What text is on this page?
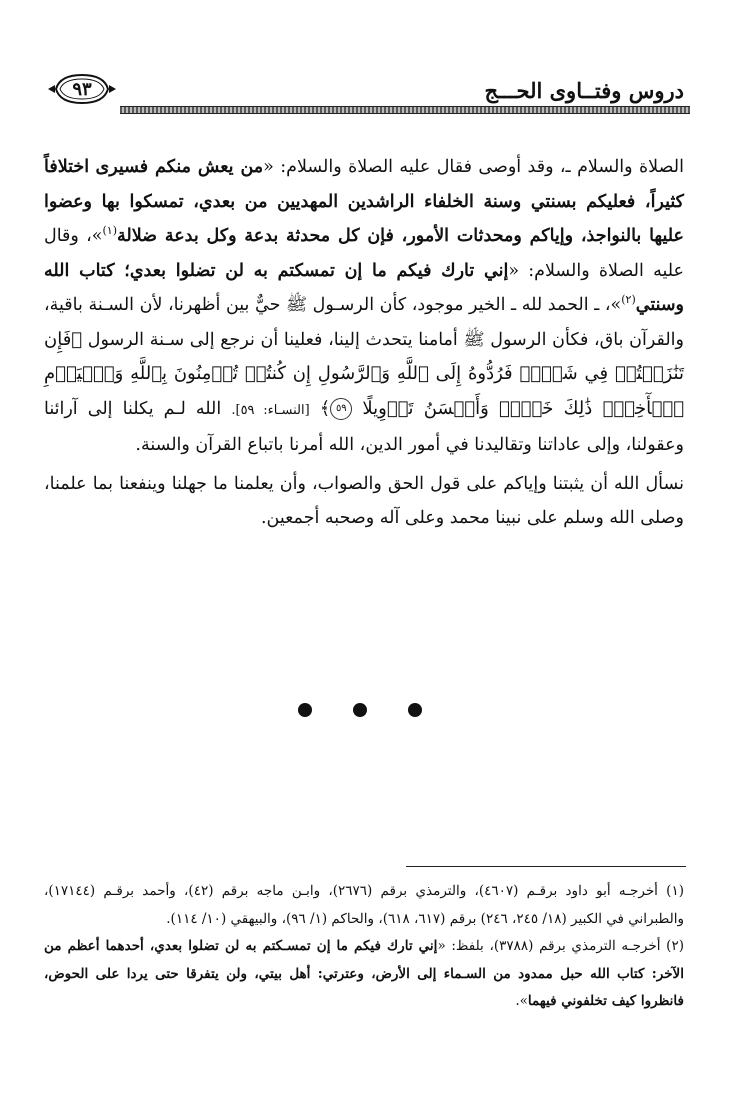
٩٣	دروس وفتــاوى الحـــج

الصلاة والسلام ـ، وقد أوصى فقال عليه الصلاة والسلام: «من يعش منكم فسيرى اختلافاً كثيراً، فعليكم بسنتي وسنة الخلفاء الراشدين المهديين من بعدي، تمسكوا بها وعضوا عليها بالنواجذ، وإياكم ومحدثات الأمور، فإن كل محدثة بدعة وكل بدعة ضلالة$^{(١)}$»، وقال عليه الصلاة والسلام: «إني تارك فيكم ما إن تمسكتم به لن تضلوا بعدي؛ كتاب الله وسنتي$^{(٢)}$»، ـ الحمد لله ـ الخير موجود، كأن الرسـول ﷺ حيٌّ بين أظهرنا، لأن السـنة باقية، والقرآن باق، فكأن الرسول ﷺ أمامنا يتحدث إلينا، فعلينا أن نرجع إلى سـنة الرسول ﴿فَإِن تَنَٰزَعۡتُمۡ فِي شَيۡءٖ فَرُدُّوهُ إِلَى ٱللَّهِ وَٱلرَّسُولِ إِن كُنتُمۡ تُؤۡمِنُونَ بِٱللَّهِ وَٱلۡيَوۡمِ ٱلۡأٓخِرِۚ ذَٰلِكَ خَيۡرٞ وَأَحۡسَنُ تَأۡوِيلًا ٥٩﴾ [النسـاء: ٥٩]. الله لـم يكلنا إلى آرائنا وعقولنا، وإلى عاداتنا وتقاليدنا في أمور الدين، الله أمرنا باتباع القرآن والسنة.

نسأل الله أن يثبتنا وإياكم على قول الحق والصواب، وأن يعلمنا ما جهلنا وينفعنا بما علمنا، وصلى الله وسلم على نبينا محمد وعلى آله وصحبه أجمعين.

(١) أخرجـه أبو داود برقـم (٤٦٠٧)، والترمذي برقم (٢٦٧٦)، وابـن ماجه برقم (٤٢)، وأحمد برقـم (١٧١٤٤)، والطبراني في الكبير (١٨/ ٢٤٥، ٢٤٦) برقم (٦١٧، ٦١٨)، والحاكم (١/ ٩٦)، والبيهقي (١٠/ ١١٤).

(٢) أخرجـه الترمذي برقم (٣٧٨٨)، بلفظ: «إني تارك فيكم ما إن تمسـكتم به لن تضلوا بعدي، أحدهما أعظم من الآخر: كتاب الله حبل ممدود من السـماء إلى الأرض، وعترتي: أهل بيتي، ولن يتفرقا حتى يردا على الحوض، فانظروا كيف تخلفوني فيهما».
